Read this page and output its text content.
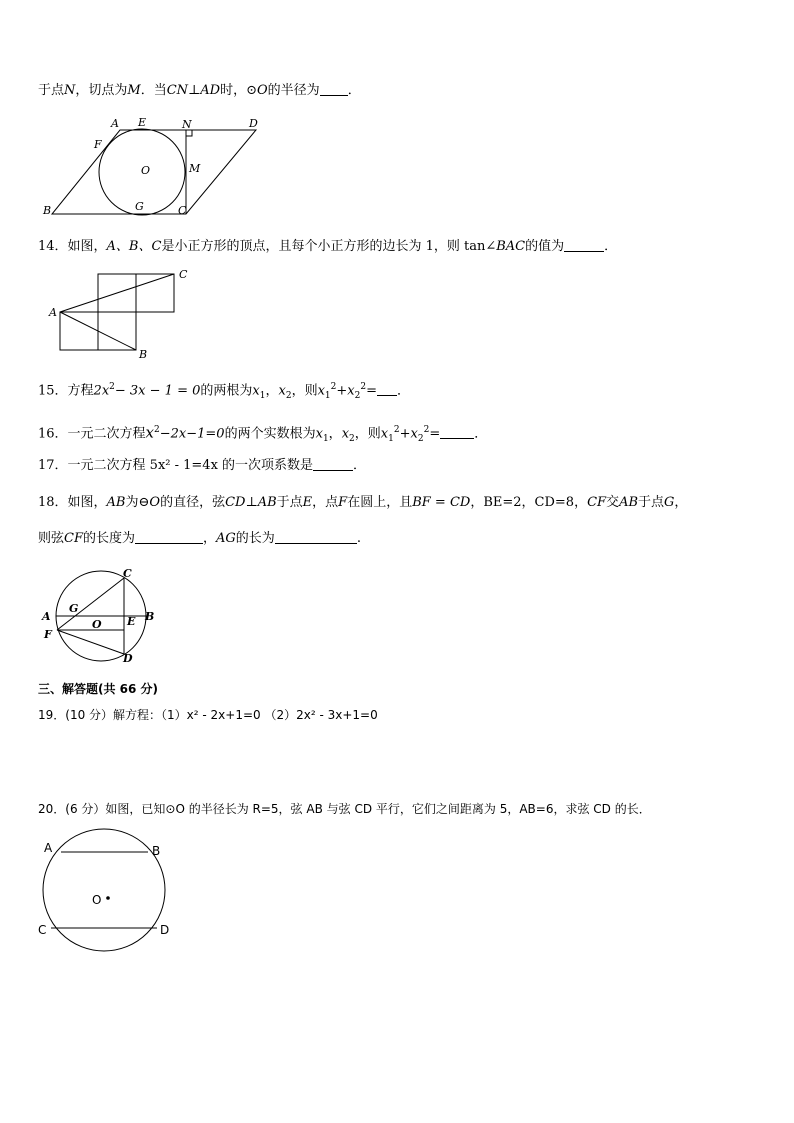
于点N，切点为M．当CN⊥AD时，⊙O的半径为 ．
A E	N	D
F
O	M
B	G	C
14．如图，A、B、C是小正方形的顶点，且每个小正方形的边长为 1，则 tan∠BAC的值为	．
C
A
B
15．方程$2x^2- 3x - 1 = 0$的两根为$x_1$，$x_2$，则$x_1^2+x_2^2=$ ．
16．一元二次方程$x^2-2x-1=0$的两个实数根为$x_1$，$x_2$，则$x_1^2+x_2^2=$	．
17．一元二次方程 5x² - 1=4x 的一次项系数是	．
18．如图，AB为⊖O的直径，弦CD⊥AB于点E，点F在圆上，且BF = CD，BE=2，CD=8，CF交AB于点G，
则弦CF的长度为	，AG的长为	.
C
A
G
O E B
F
D
三、解答题(共 66 分)
19．(10 分）解方程：（1）x² - 2x+1=0 （2）2x² - 3x+1=0
20．(6 分）如图，已知⊙O 的半径长为 R=5，弦 AB 与弦 CD 平行，它们之间距离为 5，AB=6，求弦 CD 的长．
A	B
O
C	D
